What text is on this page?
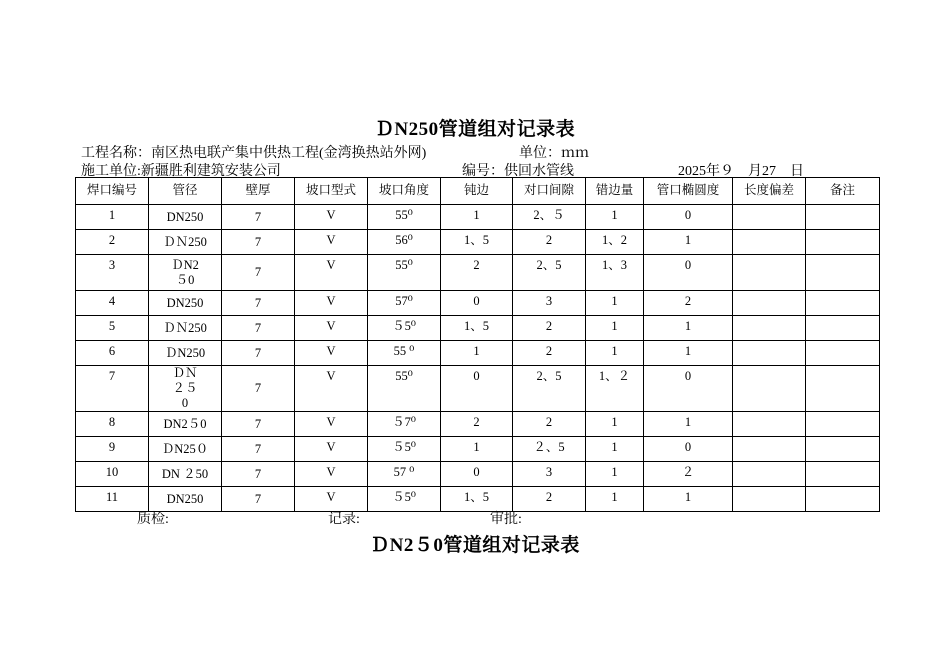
ＤN250管道组对记录表
工程名称：南区热电联产集中供热工程(金湾换热站外网)	单位：ｍｍ
施工单位:新疆胜利建筑安装公司	编号：供回水管线	2025年９　月27　日
焊口编号	管径	壁厚	坡口型式	坡口角度	钝边	对口间隙	错边量	管口椭圆度	长度偏差	备注
1	DN250	7	V	55⁰	1	2、５	1	0		
2	ＤＮ250	7	V	56⁰	1、5	2	1、2	1		
3	ＤN2５0	7	V	55⁰	2	2、5	1、3	0		
4	DN250	7	V	57⁰	0	3	1	2		
5	ＤＮ250	7	V	５5⁰	1、5	2	1	1		
6	ＤN250	7	V	55 ⁰	1	2	1	1		
7	ＤＮ２５0	7	V	55⁰	0	2、5	1、２	0		
8	DN2５0	7	V	５7⁰	2	2	1	1		
9	ＤN25０	7	V	５5⁰	1	２、5	1	0		
10	DN ２50	7	V	57 ⁰	0	3	1	２		
11	DN250	7	V	５5⁰	1、5	2	1	1		
质检:	记录:	审批:
ＤN2５0管道组对记录表
